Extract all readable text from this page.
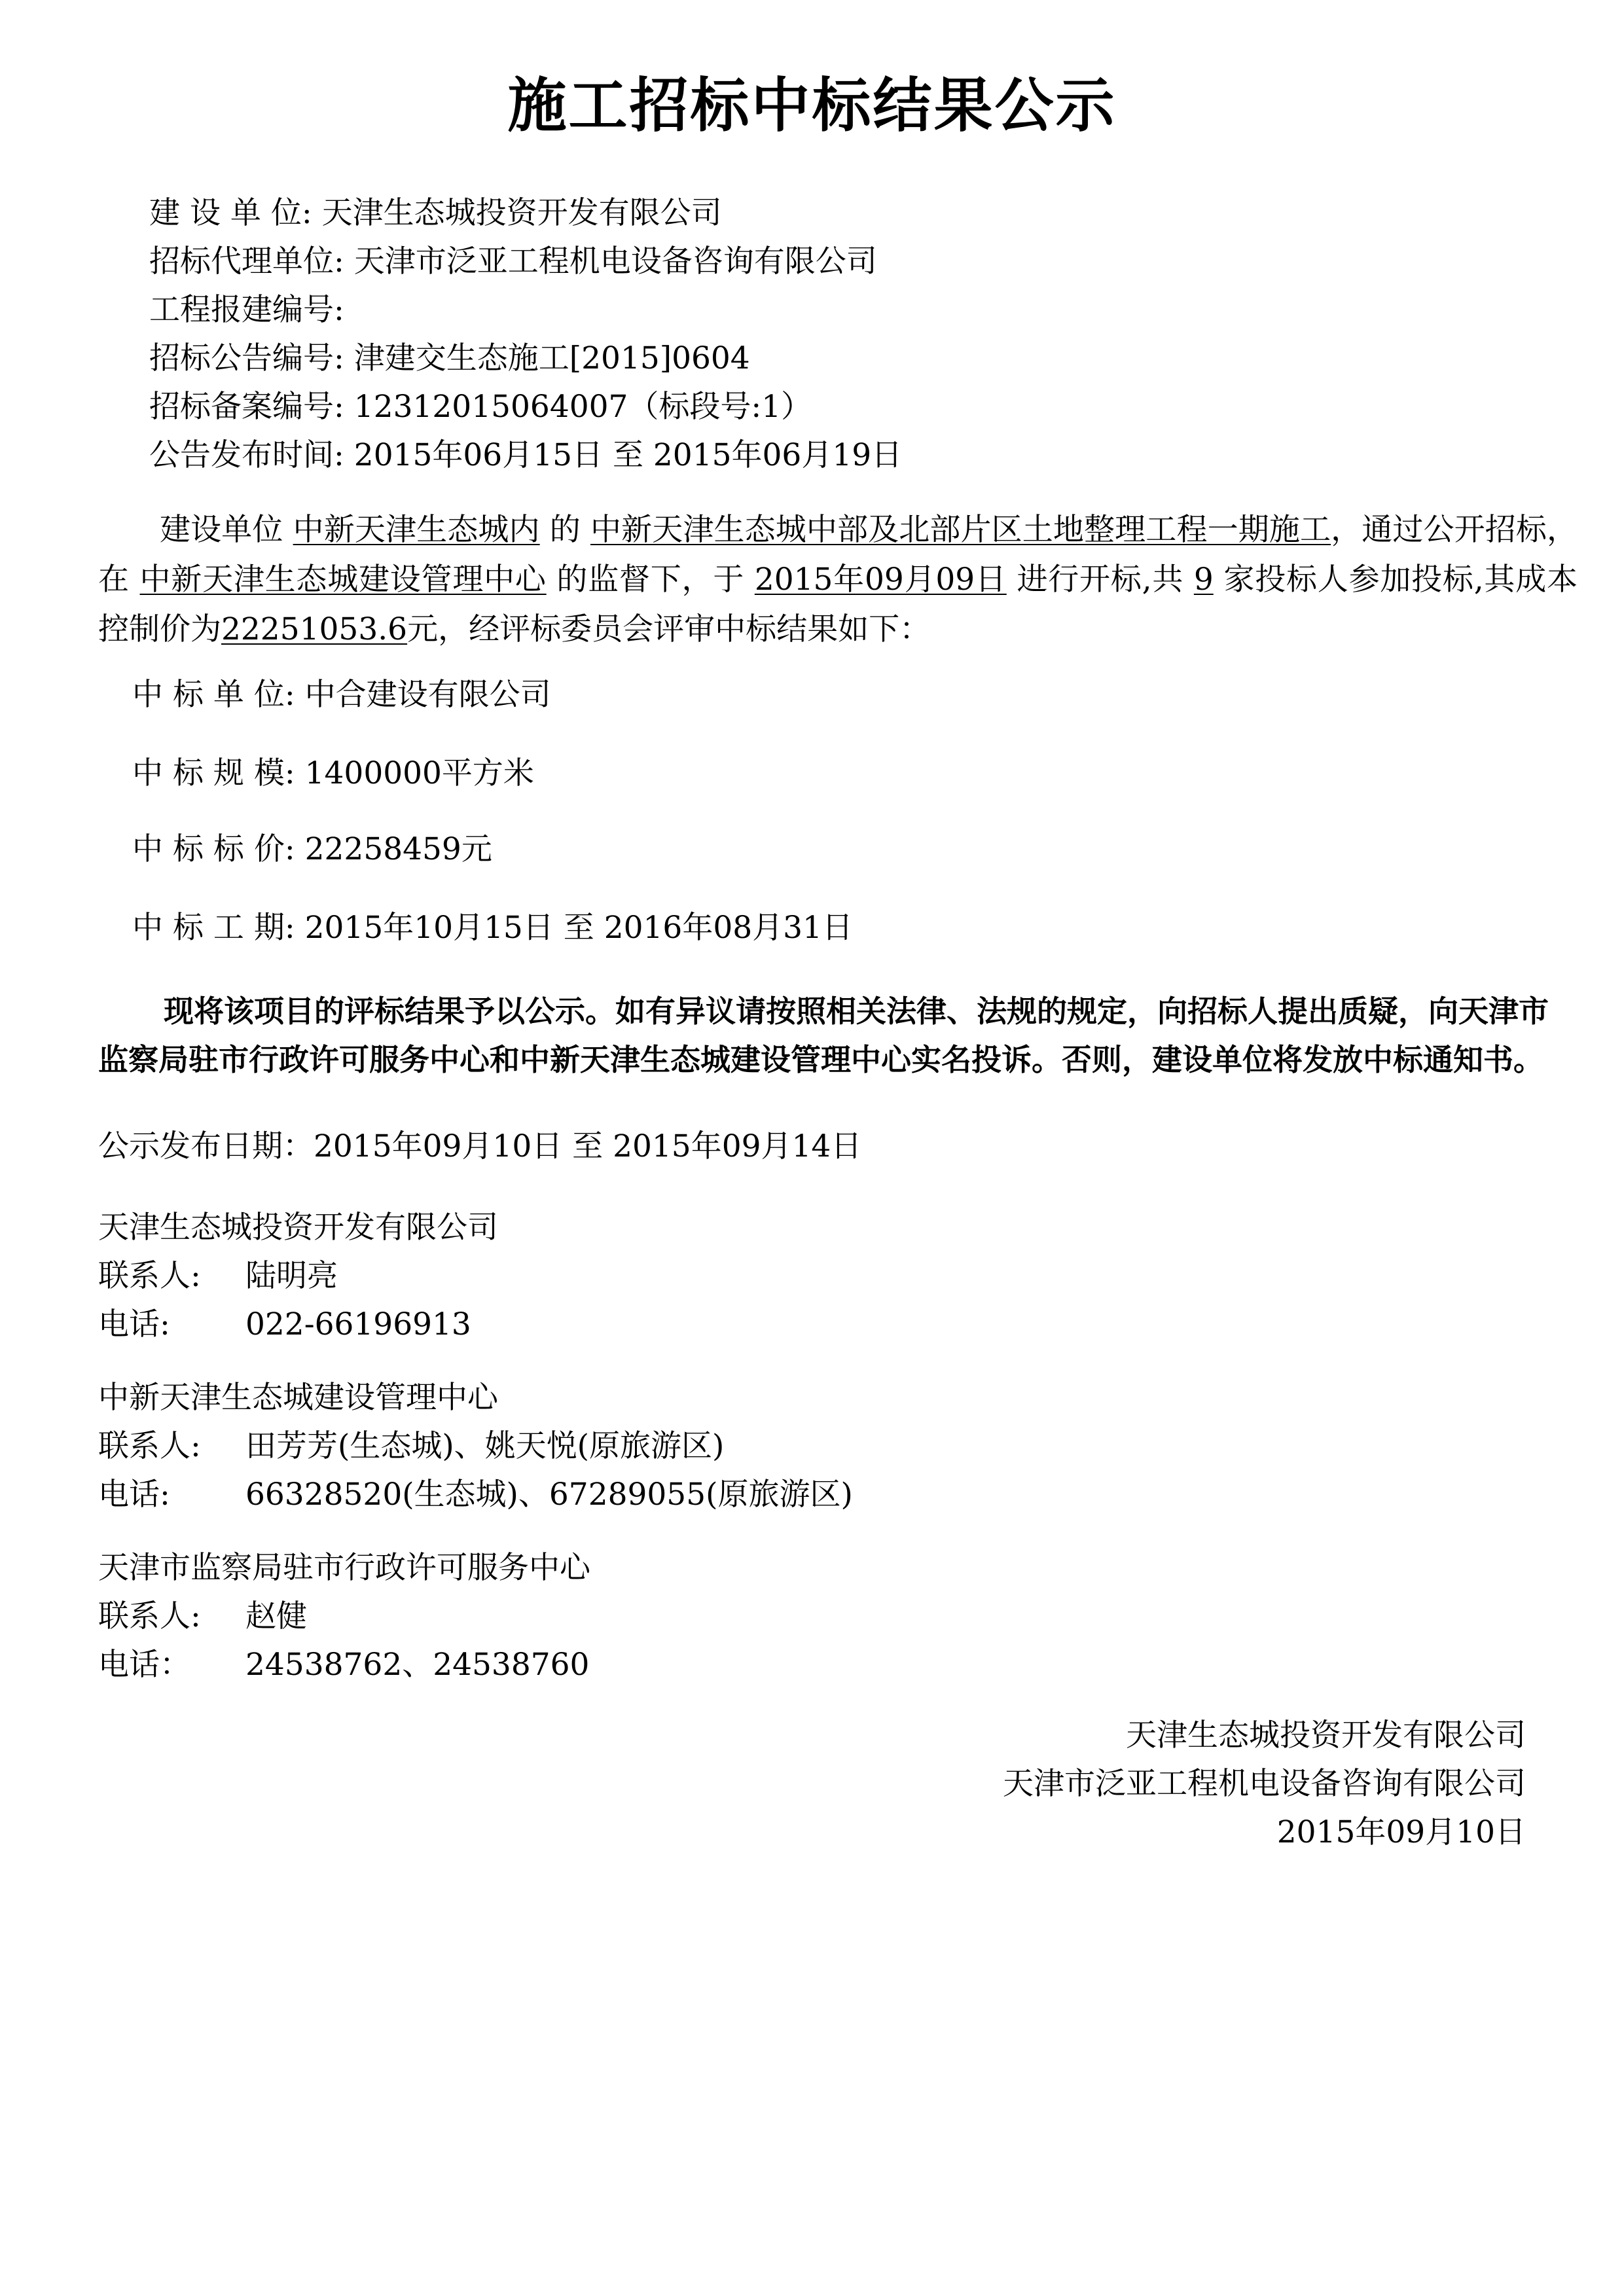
施工招标中标结果公示
建 设 单 位: 天津生态城投资开发有限公司
招标代理单位: 天津市泛亚工程机电设备咨询有限公司
工程报建编号:
招标公告编号: 津建交生态施工[2015]0604
招标备案编号: 12312015064007（标段号:1）
公告发布时间: 2015年06月15日 至 2015年06月19日
建设单位 中新天津生态城内 的 中新天津生态城中部及北部片区土地整理工程一期施工，通过公开招标，在 中新天津生态城建设管理中心 的监督下，于 2015年09月09日 进行开标,共 9 家投标人参加投标,其成本控制价为22251053.6元，经评标委员会评审中标结果如下：
中 标 单 位: 中合建设有限公司
中 标 规 模: 1400000平方米
中 标 标 价: 22258459元
中 标 工 期: 2015年10月15日 至 2016年08月31日
现将该项目的评标结果予以公示。如有异议请按照相关法律、法规的规定，向招标人提出质疑，向天津市监察局驻市行政许可服务中心和中新天津生态城建设管理中心实名投诉。否则，建设单位将发放中标通知书。
公示发布日期：2015年09月10日 至 2015年09月14日
天津生态城投资开发有限公司
联系人: 陆明亮
电话: 022-66196913
中新天津生态城建设管理中心
联系人: 田芳芳(生态城)、姚天悦(原旅游区)
电话: 66328520(生态城)、67289055(原旅游区)
天津市监察局驻市行政许可服务中心
联系人: 赵健
电话： 24538762、24538760
天津生态城投资开发有限公司
天津市泛亚工程机电设备咨询有限公司
2015年09月10日
